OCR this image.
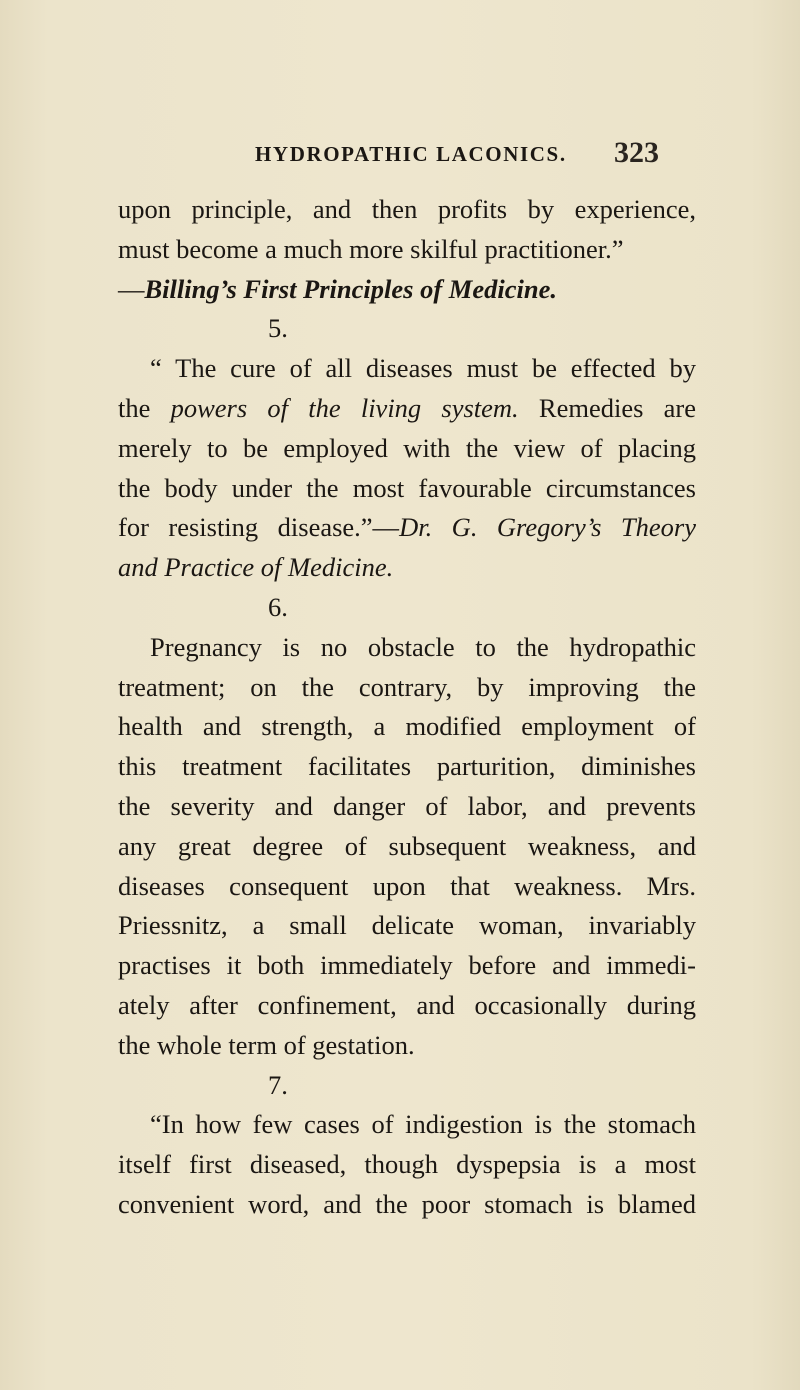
HYDROPATHIC LACONICS. 323
upon principle, and then profits by experience,
must become a much more skilful practitioner.”
—Billing’s First Principles of Medicine.
5.
“ The cure of all diseases must be effected by
the powers of the living system. Remedies are
merely to be employed with the view of placing
the body under the most favourable circumstances
for resisting disease.”—Dr. G. Gregory’s Theory
and Practice of Medicine.
6.
Pregnancy is no obstacle to the hydropathic
treatment; on the contrary, by improving the
health and strength, a modified employment of
this treatment facilitates parturition, diminishes
the severity and danger of labor, and prevents
any great degree of subsequent weakness, and
diseases consequent upon that weakness. Mrs.
Priessnitz, a small delicate woman, invariably
practises it both immediately before and immedi-
ately after confinement, and occasionally during
the whole term of gestation.
7.
“In how few cases of indigestion is the stomach
itself first diseased, though dyspepsia is a most
convenient word, and the poor stomach is blamed
